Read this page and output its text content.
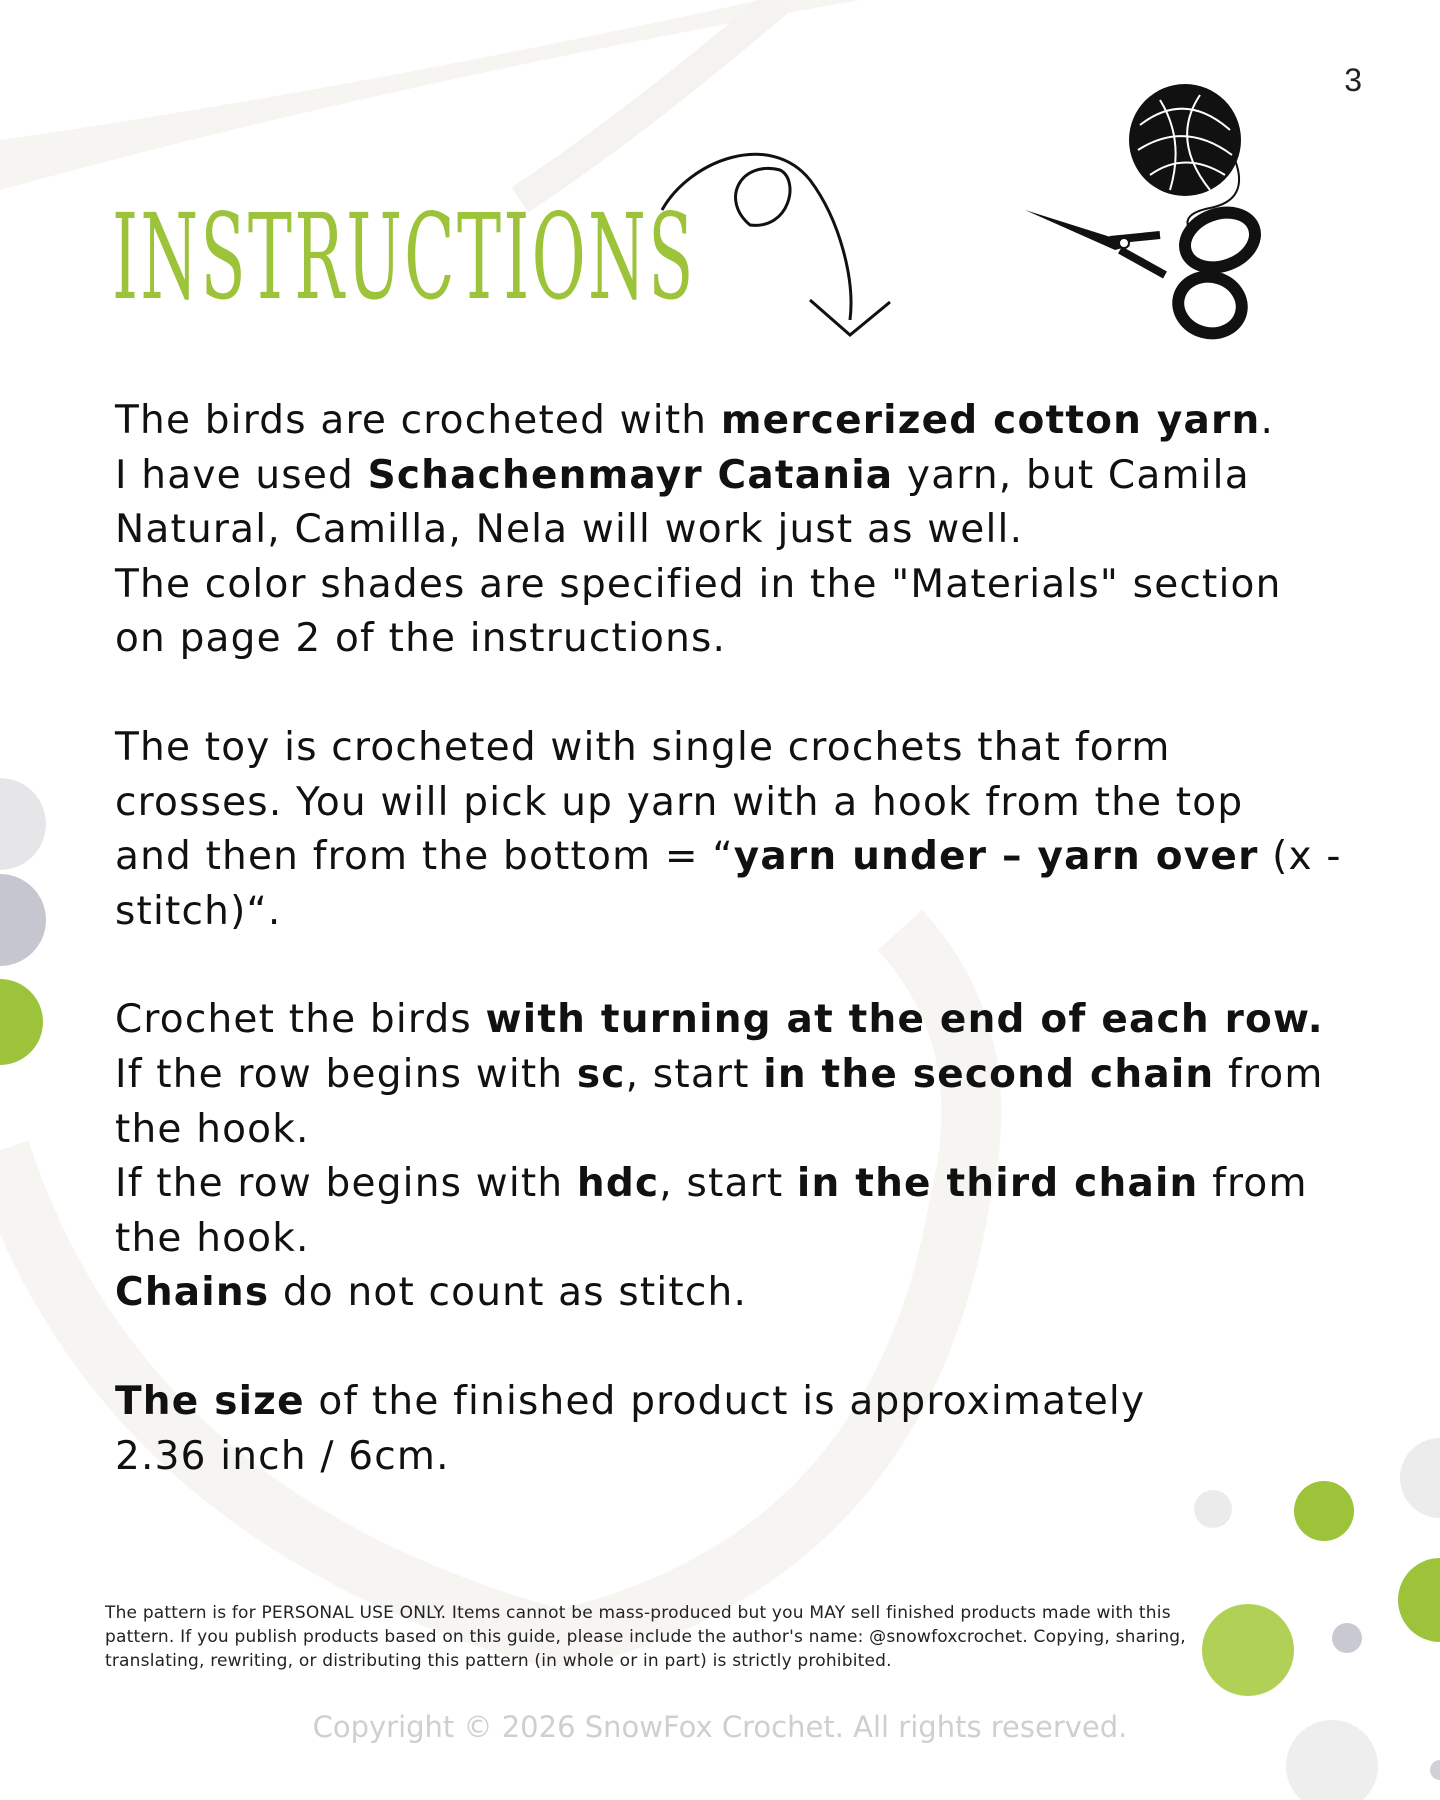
3
INSTRUCTIONS

The birds are crocheted with mercerized cotton yarn.
I have used Schachenmayr Catania yarn, but Camila
Natural, Camilla, Nela will work just as well.
The color shades are specified in the "Materials" section
on page 2 of the instructions.

The toy is crocheted with single crochets that form
crosses. You will pick up yarn with a hook from the top
and then from the bottom = “yarn under – yarn over (x -
stitch)“.

Crochet the birds with turning at the end of each row.
If the row begins with sc, start in the second chain from
the hook.
If the row begins with hdc, start in the third chain from
the hook.
Chains do not count as stitch.

The size of the finished product is approximately
2.36 inch / 6cm.

The pattern is for PERSONAL USE ONLY. Items cannot be mass-produced but you MAY sell finished products made with this
pattern. If you publish products based on this guide, please include the author's name: @snowfoxcrochet. Copying, sharing,
translating, rewriting, or distributing this pattern (in whole or in part) is strictly prohibited.
Copyright © 2026 SnowFox Crochet. All rights reserved.
